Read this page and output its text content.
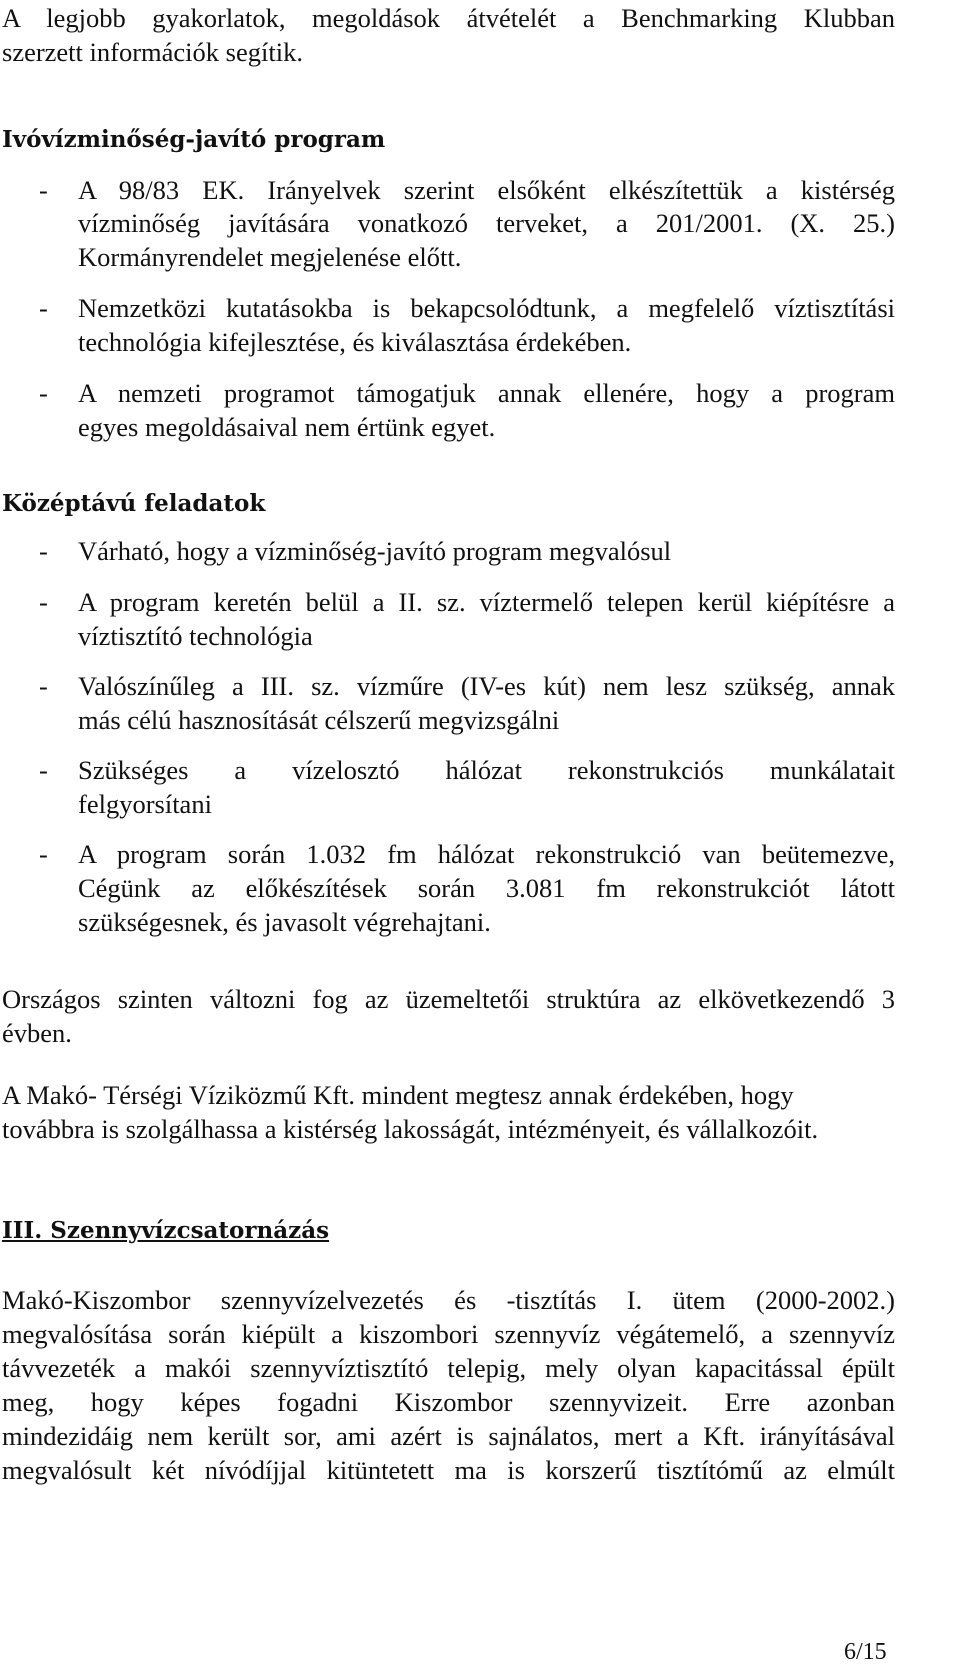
A legjobb gyakorlatok, megoldások átvételét a Benchmarking Klubban

szerzett információk segítik.

Ivóvízminőség-javító program

- A 98/83 EK. Irányelvek szerint elsőként elkészítettük a kistérség

vízminőség javítására vonatkozó terveket, a 201/2001. (X. 25.)

Kormányrendelet megjelenése előtt.

- Nemzetközi kutatásokba is bekapcsolódtunk, a megfelelő víztisztítási

technológia kifejlesztése, és kiválasztása érdekében.

- A nemzeti programot támogatjuk annak ellenére, hogy a program

egyes megoldásaival nem értünk egyet.

Középtávú feladatok

- Várható, hogy a vízminőség-javító program megvalósul

- A program keretén belül a II. sz. víztermelő telepen kerül kiépítésre a

víztisztító technológia

- Valószínűleg a III. sz. vízműre (IV-es kút) nem lesz szükség, annak

más célú hasznosítását célszerű megvizsgálni

- Szükséges a vízelosztó hálózat rekonstrukciós munkálatait

felgyorsítani

- A program során 1.032 fm hálózat rekonstrukció van beütemezve,

Cégünk az előkészítések során 3.081 fm rekonstrukciót látott

szükségesnek, és javasolt végrehajtani.

Országos szinten változni fog az üzemeltetői struktúra az elkövetkezendő 3

évben.

A Makó- Térségi Víziközmű Kft. mindent megtesz annak érdekében, hogy

továbbra is szolgálhassa a kistérség lakosságát, intézményeit, és vállalkozóit.

III. Szennyvízcsatornázás

Makó-Kiszombor szennyvízelvezetés és -tisztítás I. ütem (2000-2002.)

megvalósítása során kiépült a kiszombori szennyvíz végátemelő, a szennyvíz

távvezeték a makói szennyvíztisztító telepig, mely olyan kapacitással épült

meg, hogy képes fogadni Kiszombor szennyvizeit. Erre azonban

mindezidáig nem került sor, ami azért is sajnálatos, mert a Kft. irányításával

megvalósult két nívódíjjal kitüntetett ma is korszerű tisztítómű az elmúlt

6/15
